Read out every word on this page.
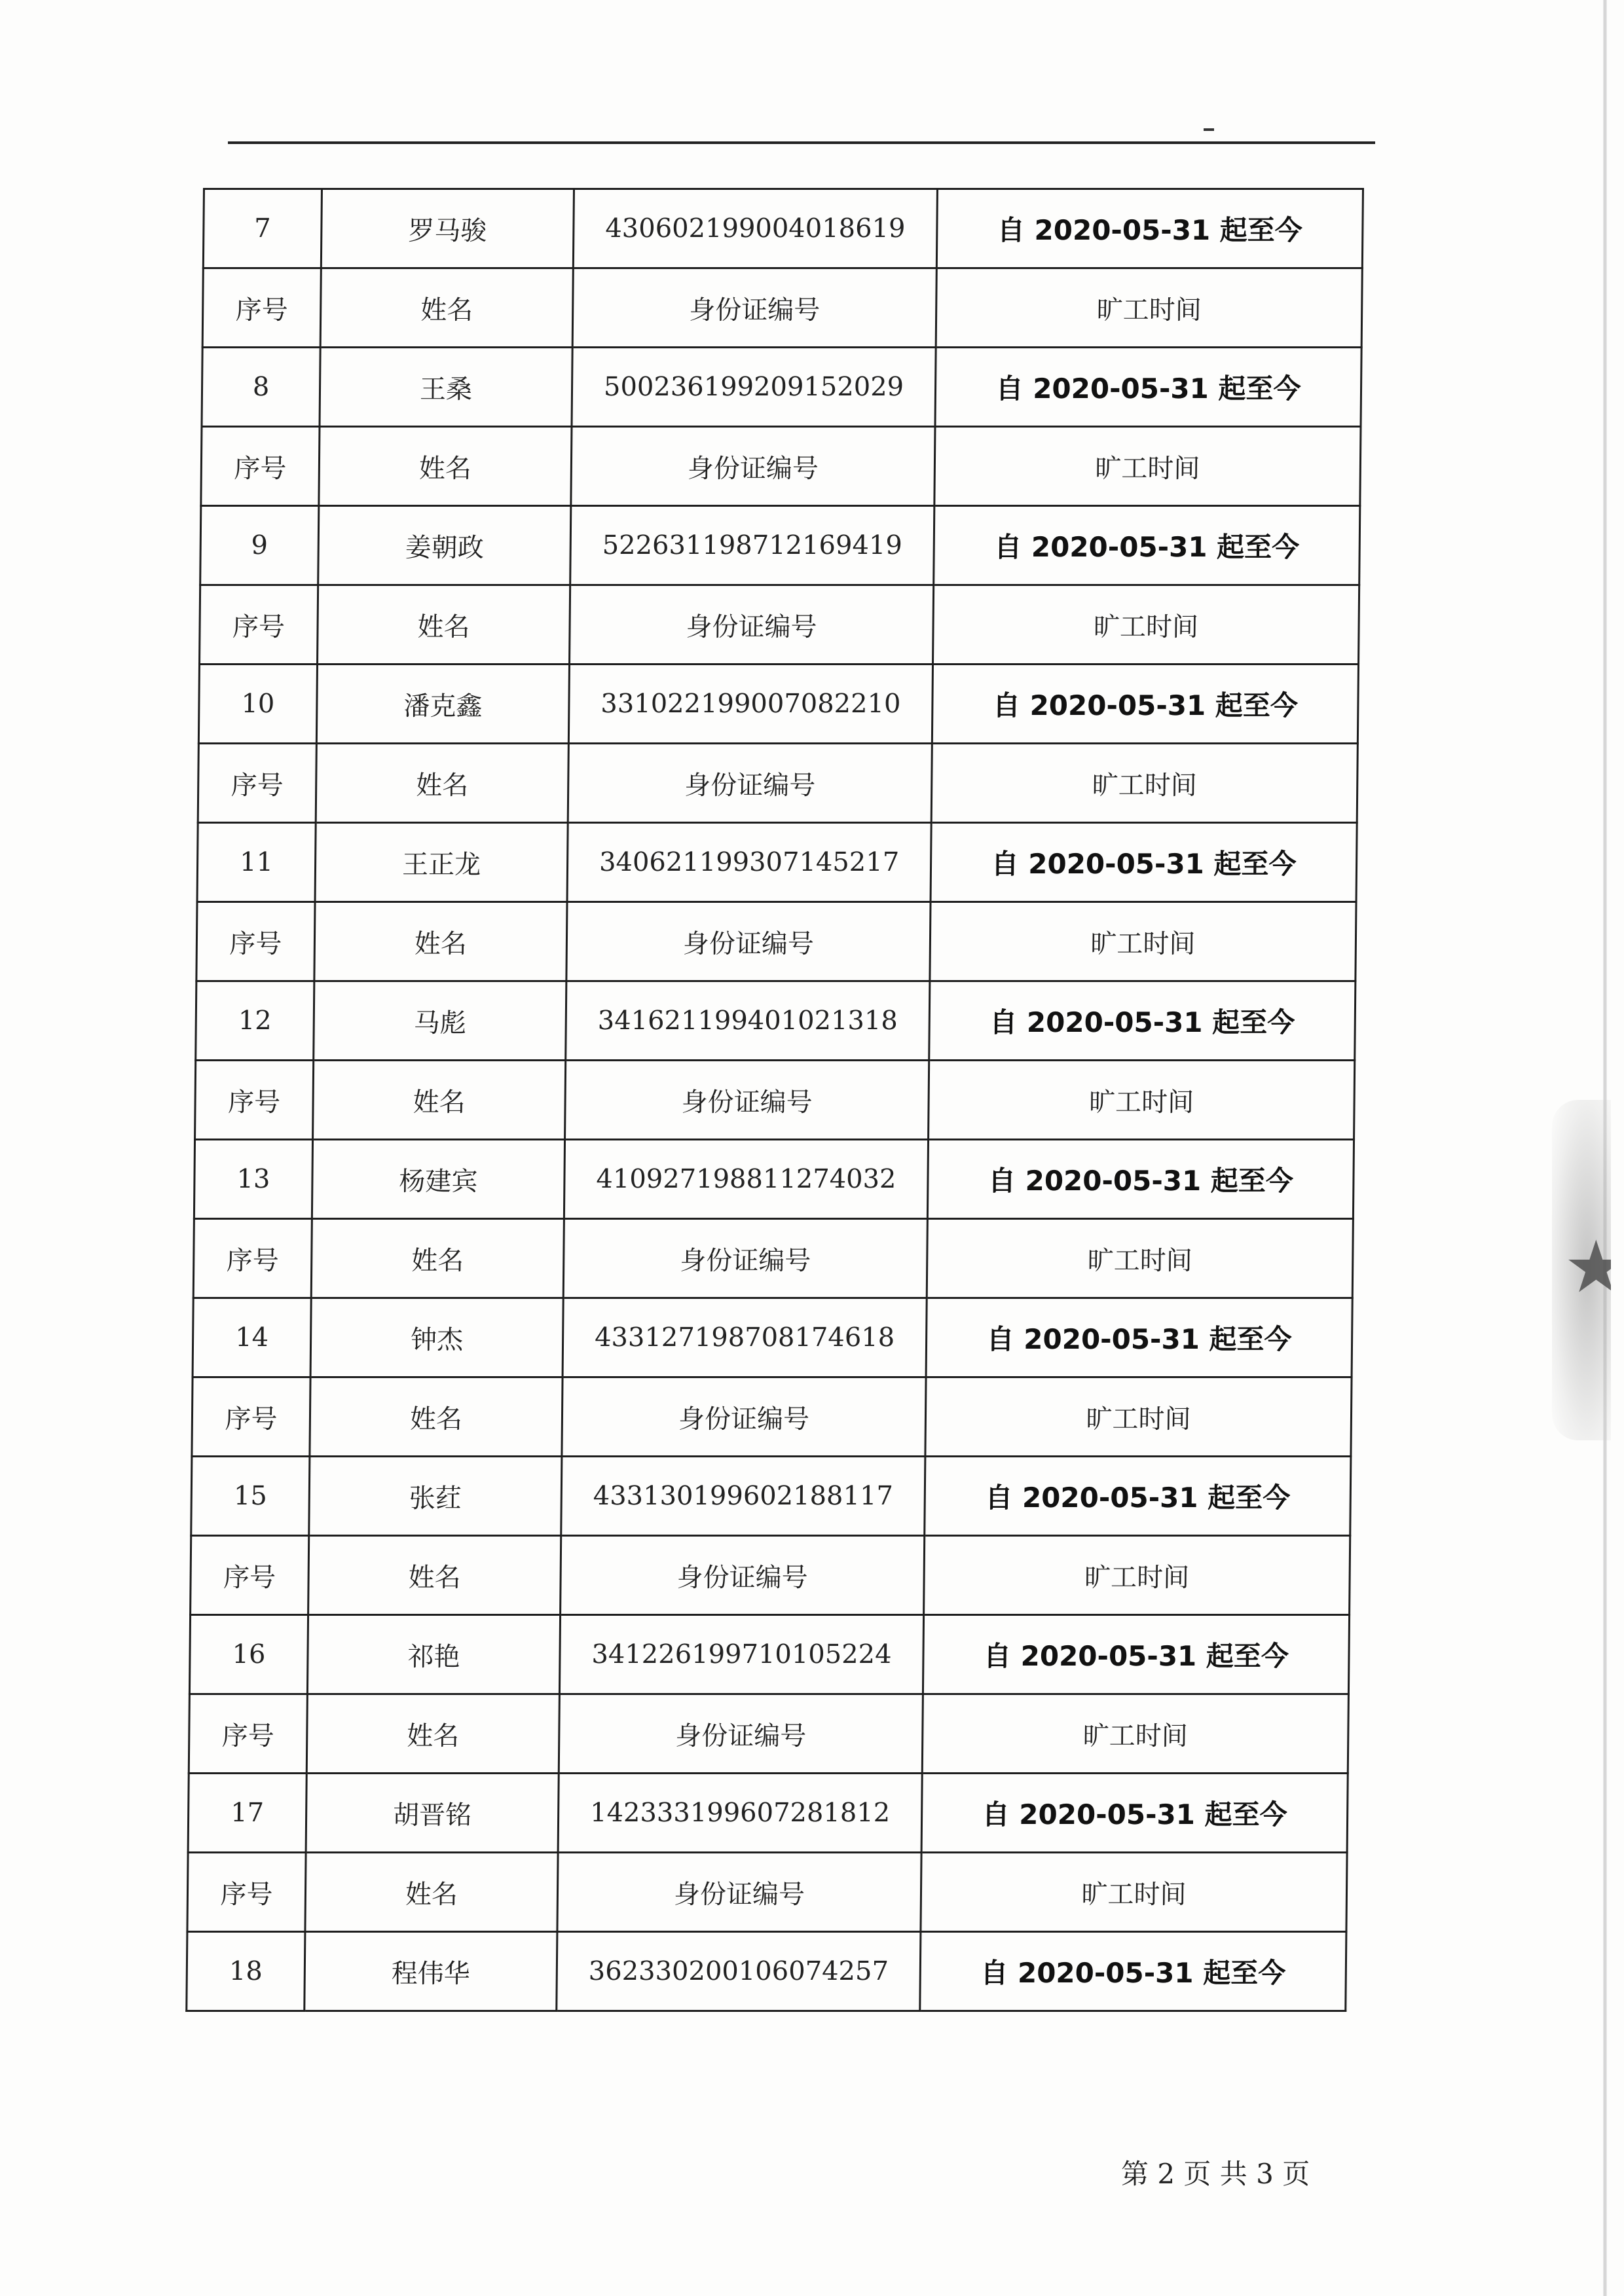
7	罗马骏	430602199004018619	自 2020-05-31 起至今
序号	姓名	身份证编号	旷工时间
8	王桑	500236199209152029	自 2020-05-31 起至今
序号	姓名	身份证编号	旷工时间
9	姜朝政	522631198712169419	自 2020-05-31 起至今
序号	姓名	身份证编号	旷工时间
10	潘克鑫	331022199007082210	自 2020-05-31 起至今
序号	姓名	身份证编号	旷工时间
11	王正龙	340621199307145217	自 2020-05-31 起至今
序号	姓名	身份证编号	旷工时间
12	马彪	341621199401021318	自 2020-05-31 起至今
序号	姓名	身份证编号	旷工时间
13	杨建宾	410927198811274032	自 2020-05-31 起至今
序号	姓名	身份证编号	旷工时间
14	钟杰	433127198708174618	自 2020-05-31 起至今
序号	姓名	身份证编号	旷工时间
15	张荭	433130199602188117	自 2020-05-31 起至今
序号	姓名	身份证编号	旷工时间
16	祁艳	341226199710105224	自 2020-05-31 起至今
序号	姓名	身份证编号	旷工时间
17	胡晋铭	142333199607281812	自 2020-05-31 起至今
序号	姓名	身份证编号	旷工时间
18	程伟华	362330200106074257	自 2020-05-31 起至今
第 2 页 共 3 页
